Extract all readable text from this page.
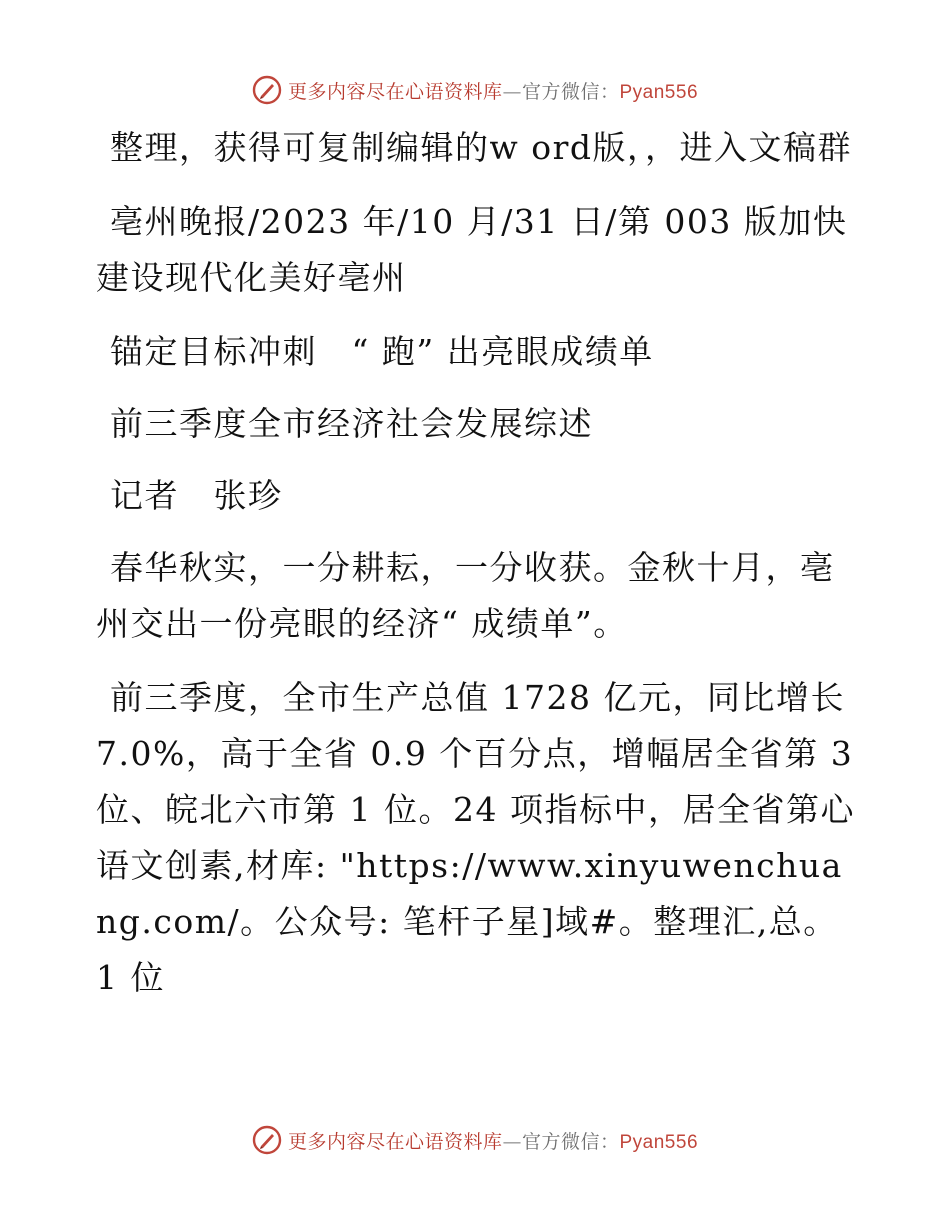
更多内容尽在心语资料库—官方微信：Pyan556

整理，获得可复制编辑的w ord版，，进入文稿群

亳州晚报/2023 年/10 月/31 日/第 003 版加快建设现代化美好亳州

锚定目标冲刺　“ 跑” 出亮眼成绩单

前三季度全市经济社会发展综述

记者　张珍

春华秋实，一分耕耘，一分收获。金秋十月，亳州交出一份亮眼的经济“ 成绩单”。

前三季度，全市生产总值 1728 亿元，同比增长 7.0%，高于全省 0.9 个百分点，增幅居全省第 3 位、皖北六市第 1 位。24 项指标中，居全省第心语文创素,材库: "https://www.xinyuwenchuang.com/。公众号: 笔杆子星]域#。整理汇,总。 1 位

更多内容尽在心语资料库—官方微信：Pyan556
